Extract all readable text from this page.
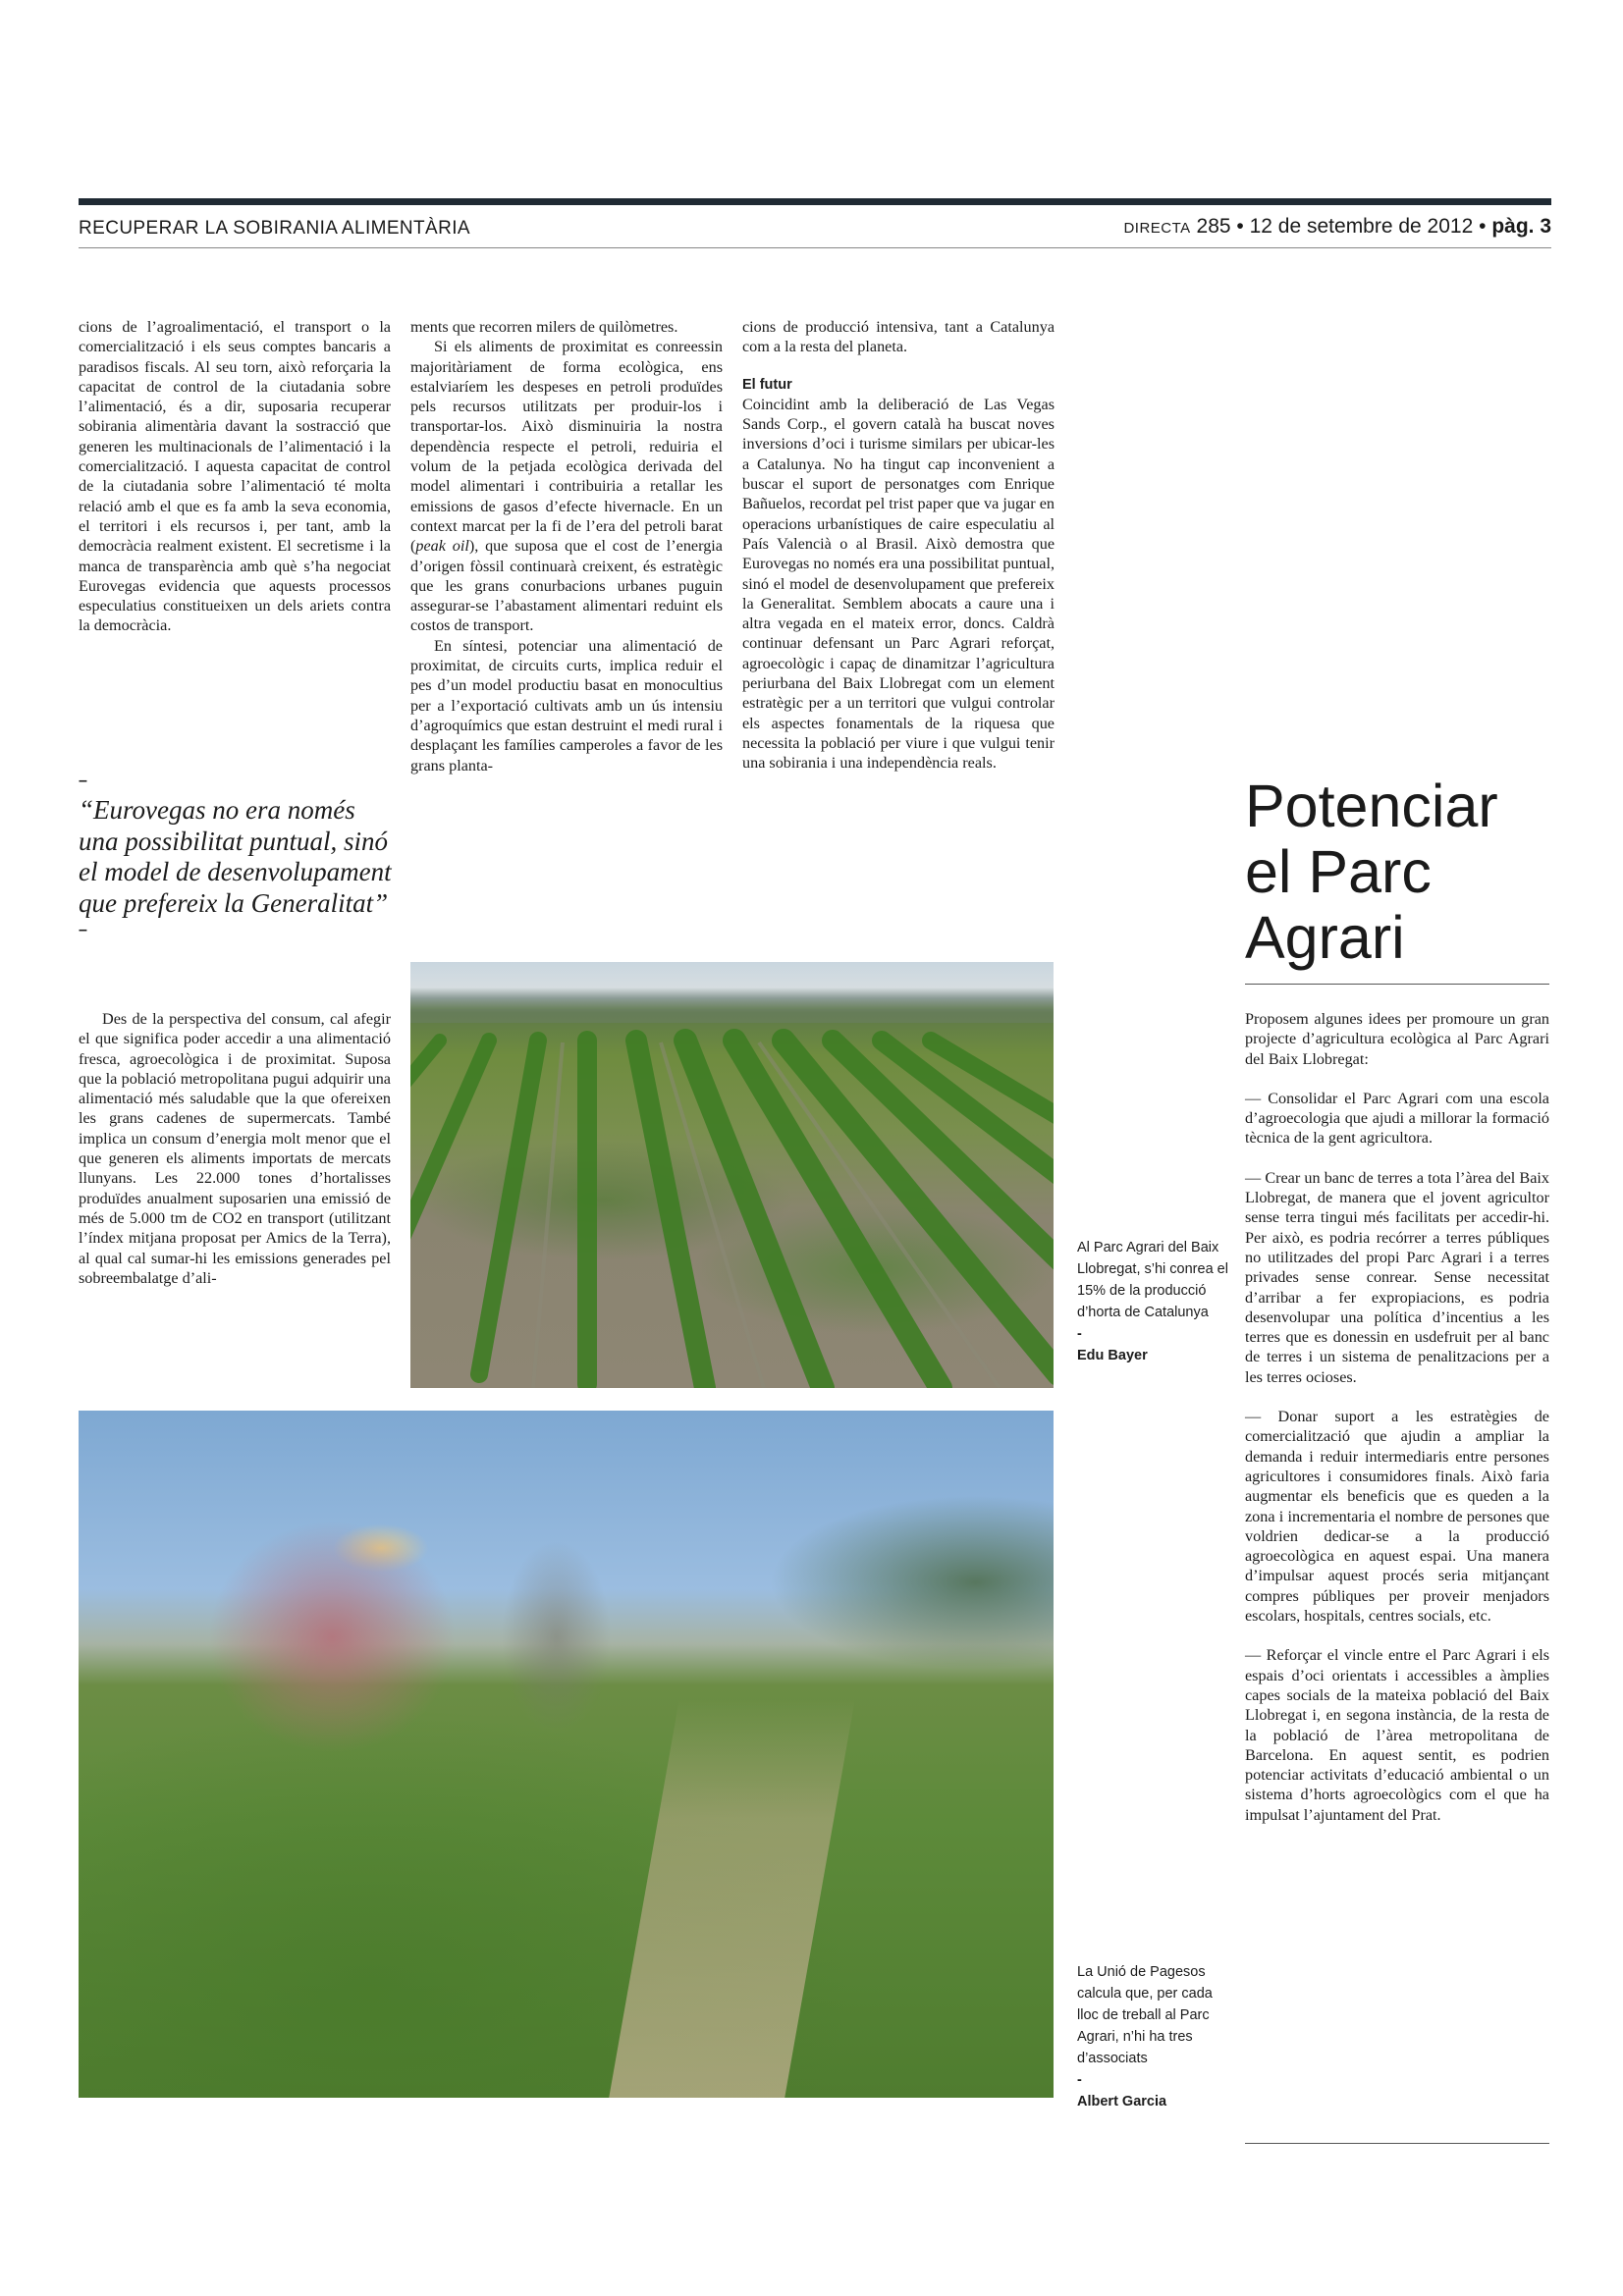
RECUPERAR LA SOBIRANIA ALIMENTÀRIA	DIRECTA 285 • 12 de setembre de 2012 • pàg. 3

cions de l’agroalimentació, el transport o la comercialització i els seus comptes bancaris a paradisos fiscals. Al seu torn, això reforçaria la capacitat de control de la ciutadania sobre l’alimentació, és a dir, suposaria recuperar sobirania alimentària davant la sostracció que generen les multinacionals de l’alimentació i la comercialització. I aquesta capacitat de control de la ciutadania sobre l’alimentació té molta relació amb el que es fa amb la seva economia, el territori i els recursos i, per tant, amb la democràcia realment existent. El secretisme i la manca de transparència amb què s’ha negociat Eurovegas evidencia que aquests processos especulatius constitueixen un dels ariets contra la democràcia.

–
“Eurovegas no era només una possibilitat puntual, sinó el model de desenvolupament que prefereix la Generalitat”
–

Des de la perspectiva del consum, cal afegir el que significa poder accedir a una alimentació fresca, agroecològica i de proximitat. Suposa que la població metropolitana pugui adquirir una alimentació més saludable que la que ofereixen les grans cadenes de supermercats. També implica un consum d’energia molt menor que el que generen els aliments importats de mercats llunyans. Les 22.000 tones d’hortalisses produïdes anualment suposarien una emissió de més de 5.000 tm de CO2 en transport (utilitzant l’índex mitjana proposat per Amics de la Terra), al qual cal sumar-hi les emissions generades pel sobreembalatge d’ali-

ments que recorren milers de quilòmetres.

Si els aliments de proximitat es conreessin majoritàriament de forma ecològica, ens estalviaríem les despeses en petroli produïdes pels recursos utilitzats per produir-los i transportar-los. Això disminuiria la nostra dependència respecte el petroli, reduiria el volum de la petjada ecològica derivada del model alimentari i contribuiria a retallar les emissions de gasos d’efecte hivernacle. En un context marcat per la fi de l’era del petroli barat (peak oil), que suposa que el cost de l’energia d’origen fòssil continuarà creixent, és estratègic que les grans conurbacions urbanes puguin assegurar-se l’abastament alimentari reduint els costos de transport.

En síntesi, potenciar una alimentació de proximitat, de circuits curts, implica reduir el pes d’un model productiu basat en monocultius per a l’exportació cultivats amb un ús intensiu d’agroquímics que estan destruint el medi rural i desplaçant les famílies camperoles a favor de les grans planta-

cions de producció intensiva, tant a Catalunya com a la resta del planeta.

El futur

Coincidint amb la deliberació de Las Vegas Sands Corp., el govern català ha buscat noves inversions d’oci i turisme similars per ubicar-les a Catalunya. No ha tingut cap inconvenient a buscar el suport de personatges com Enrique Bañuelos, recordat pel trist paper que va jugar en operacions urbanístiques de caire especulatiu al País Valencià o al Brasil. Això demostra que Eurovegas no només era una possibilitat puntual, sinó el model de desenvolupament que prefereix la Generalitat. Semblem abocats a caure una i altra vegada en el mateix error, doncs. Caldrà continuar defensant un Parc Agrari reforçat, agroecològic i capaç de dinamitzar l’agricultura periurbana del Baix Llobregat com un element estratègic per a un territori que vulgui controlar els aspectes fonamentals de la riquesa que necessita la població per viure i que vulgui tenir una sobirania i una independència reals.

Al Parc Agrari del Baix Llobregat, s’hi conrea el 15% de la producció d’horta de Catalunya
-
Edu Bayer
La Unió de Pagesos calcula que, per cada lloc de treball al Parc Agrari, n’hi ha tres d’associats
-
Albert Garcia
Potenciar el Parc Agrari

Proposem algunes idees per promoure un gran projecte d’agricultura ecològica al Parc Agrari del Baix Llobregat:

— Consolidar el Parc Agrari com una escola d’agroecologia que ajudi a millorar la formació tècnica de la gent agricultora.

— Crear un banc de terres a tota l’àrea del Baix Llobregat, de manera que el jovent agricultor sense terra tingui més facilitats per accedir-hi. Per això, es podria recórrer a terres públiques no utilitzades del propi Parc Agrari i a terres privades sense conrear. Sense necessitat d’arribar a fer expropiacions, es podria desenvolupar una política d’incentius a les terres que es donessin en usdefruit per al banc de terres i un sistema de penalitzacions per a les terres ocioses.

— Donar suport a les estratègies de comercialització que ajudin a ampliar la demanda i reduir intermediaris entre persones agricultores i consumidores finals. Això faria augmentar els beneficis que es queden a la zona i incrementaria el nombre de persones que voldrien dedicar-se a la producció agroecològica en aquest espai. Una manera d’impulsar aquest procés seria mitjançant compres públiques per proveir menjadors escolars, hospitals, centres socials, etc.

— Reforçar el vincle entre el Parc Agrari i els espais d’oci orientats i accessibles a àmplies capes socials de la mateixa població del Baix Llobregat i, en segona instància, de la resta de la població de l’àrea metropolitana de Barcelona. En aquest sentit, es podrien potenciar activitats d’educació ambiental o un sistema d’horts agroecològics com el que ha impulsat l’ajuntament del Prat.
